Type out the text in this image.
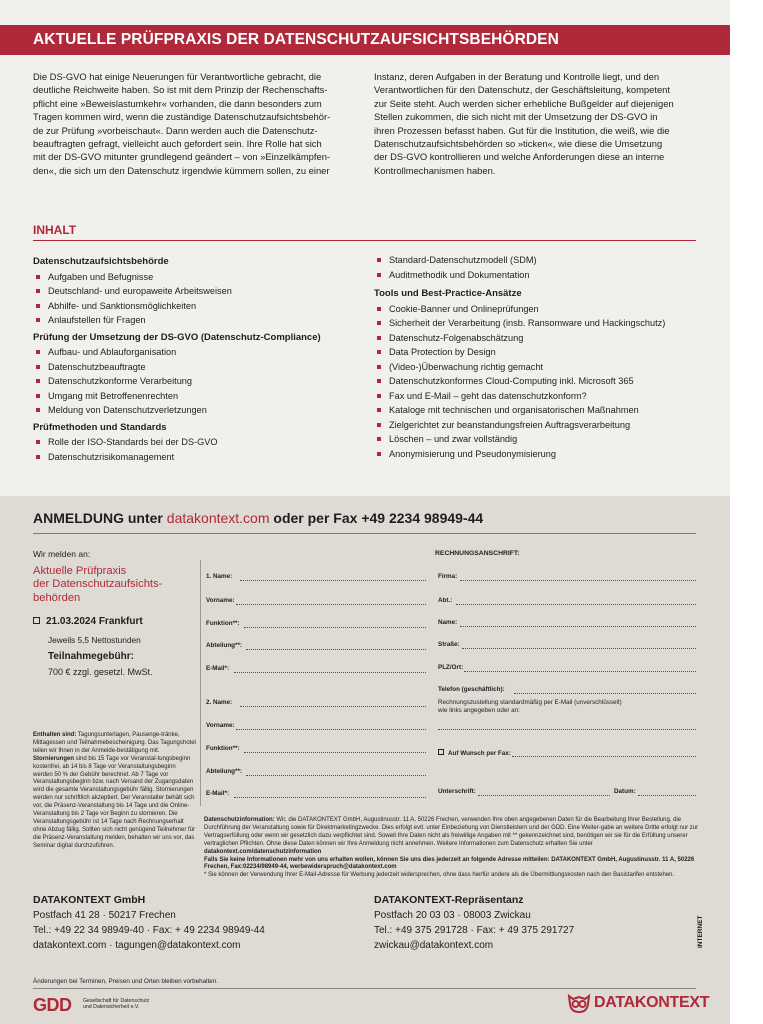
AKTUELLE PRÜFPRAXIS DER DATENSCHUTZAUFSICHTSBEHÖRDEN
Die DS-GVO hat einige Neuerungen für Verantwortliche gebracht, die
deutliche Reichweite haben. So ist mit dem Prinzip der Rechenschafts-
pflicht eine »Beweislastumkehr« vorhanden, die dann besonders zum
Tragen kommen wird, wenn die zuständige Datenschutzaufsichtsbehör-
de zur Prüfung »vorbeischaut«. Dann werden auch die Datenschutz-
beauftragten gefragt, vielleicht auch gefordert sein. Ihre Rolle hat sich
mit der DS-GVO mitunter grundlegend geändert – von »Einzelkämpfen-
den«, die sich um den Datenschutz irgendwie kümmern sollen, zu einer
Instanz, deren Aufgaben in der Beratung und Kontrolle liegt, und den
Verantwortlichen für den Datenschutz, der Geschäftsleitung, kompetent
zur Seite steht. Auch werden sicher erhebliche Bußgelder auf diejenigen
Stellen zukommen, die sich nicht mit der Umsetzung der DS-GVO in
ihren Prozessen befasst haben. Gut für die Institution, die weiß, wie die
Datenschutzaufsichtsbehörden so »ticken«, wie diese die Umsetzung
der DS-GVO kontrollieren und welche Anforderungen diese an interne
Kontrollmechanismen haben.
INHALT
Datenschutzaufsichtsbehörde
Aufgaben und Befugnisse
Deutschland- und europaweite Arbeitsweisen
Abhilfe- und Sanktionsmöglichkeiten
Anlaufstellen für Fragen
Prüfung der Umsetzung der DS-GVO (Datenschutz-Compliance)
Aufbau- und Ablauforganisation
Datenschutzbeauftragte
Datenschutzkonforme Verarbeitung
Umgang mit Betroffenenrechten
Meldung von Datenschutzverletzungen
Prüfmethoden und Standards
Rolle der ISO-Standards bei der DS-GVO
Datenschutzrisikomanagement
Standard-Datenschutzmodell (SDM)
Auditmethodik und Dokumentation
Tools und Best-Practice-Ansätze
Cookie-Banner und Onlineprüfungen
Sicherheit der Verarbeitung (insb. Ransomware und Hackingschutz)
Datenschutz-Folgenabschätzung
Data Protection by Design
(Video-)Überwachung richtig gemacht
Datenschutzkonformes Cloud-Computing inkl. Microsoft 365
Fax und E-Mail – geht das datenschutzkonform?
Kataloge mit technischen und organisatorischen Maßnahmen
Zielgerichtet zur beanstandungsfreien Auftragsverarbeitung
Löschen – und zwar vollständig
Anonymisierung und Pseudonymisierung
ANMELDUNG unter datakontext.com oder per Fax +49 2234 98949-44
Wir melden an:
Aktuelle Prüfpraxis
der Datenschutzaufsichts-
behörden
21.03.2024 Frankfurt
Jeweils 5,5 Nettostunden
Teilnahmegebühr:
700 € zzgl. gesetzl. MwSt.
Enthalten sind: Tagungsunterlagen, Pausenge-tränke, Mittagessen und Teilnahmebescheinigung. Das Tagungshotel teilen wir Ihnen in der Anmelde-bestätigung mit.
Stornierungen sind bis 15 Tage vor Veranstal-tungsbeginn kostenfrei, ab 14 bis 8 Tage vor Veranstaltungsbeginn werden 50 % der Gebühr berechnet. Ab 7 Tage vor Veranstaltungsbeginn bzw. nach Versand der Zugangsdaten wird die gesamte Veranstaltungsgebühr fällig. Stornierungen werden nur schriftlich akzeptiert. Der Veranstalter behält sich vor, die Präsenz-Veranstaltung bis 14 Tage und die Online-Veranstaltung bis 2 Tage vor Beginn zu stornieren. Die Veranstaltungsgebühr ist 14 Tage nach Rechnungserhalt ohne Abzug fällig. Sollten sich nicht genügend Teilnehmer für die Präsenz-Veranstaltung melden, behalten wir uns vor, das Seminar digital durchzuführen.
1. Name:
Vorname:
Funktion**:
Abteilung**:
E-Mail*:
2. Name:
Vorname:
Funktion**:
Abteilung**:
E-Mail*:
RECHNUNGSANSCHRIFT:
Firma:
Abt.:
Name:
Straße:
PLZ/Ort:
Telefon (geschäftlich):
Rechnungszustellung standardmäßig per E-Mail (unverschlüsselt)
wie links angegeben oder an:
Auf Wunsch per Fax:
Unterschrift:	Datum:
Datenschutzinformation: Wir, die DATAKONTEXT GmbH, Augustinusstr. 11 A, 50226 Frechen, verwenden Ihre oben angegebenen Daten für die Bearbeitung Ihrer Bestellung, die Durchführung der Veranstaltung sowie für Direktmarketingzwecke. Dies erfolgt evtl. unter Einbeziehung von Dienstleistern und der GDD. Eine Weiter-gabe an weitere Dritte erfolgt nur zur Vertragserfüllung oder wenn wir gesetzlich dazu verpflichtet sind. Soweit Ihre Daten nicht als freiwillige Angaben mit ** gekennzeichnet sind, benötigen wir sie für die Erfüllung unserer vertraglichen Pflichten. Ohne diese Daten können wir Ihre Anmeldung nicht annehmen. Weitere Informationen zum Datenschutz erhalten Sie unter datakontext.com/datenschutzinformation
Falls Sie keine Informationen mehr von uns erhalten wollen, können Sie uns dies jederzeit an folgende Adresse mitteilen: DATAKONTEXT GmbH, Augustinusstr. 11 A, 50226 Frechen, Fax:02234/98949-44, werbewiderspruch@datakontext.com
* Sie können der Verwendung Ihrer E-Mail-Adresse für Werbung jederzeit widersprechen, ohne dass hierfür andere als die Übermittlungskosten nach den Basistarifen entstehen.
DATAKONTEXT GmbH
Postfach 41 28 · 50217 Frechen
Tel.: +49 22 34 98949-40 · Fax: + 49 2234 98949-44
datakontext.com · tagungen@datakontext.com
DATAKONTEXT-Repräsentanz
Postfach 20 03 03 · 08003 Zwickau
Tel.: +49 375 291728 · Fax: + 49 375 291727
zwickau@datakontext.com	INTERNET
Änderungen bei Terminen, Preisen und Orten bleiben vorbehalten.
GDD Gesellschaft für Datenschutz
und Datensicherheit e.V.	DATAKONTEXT
